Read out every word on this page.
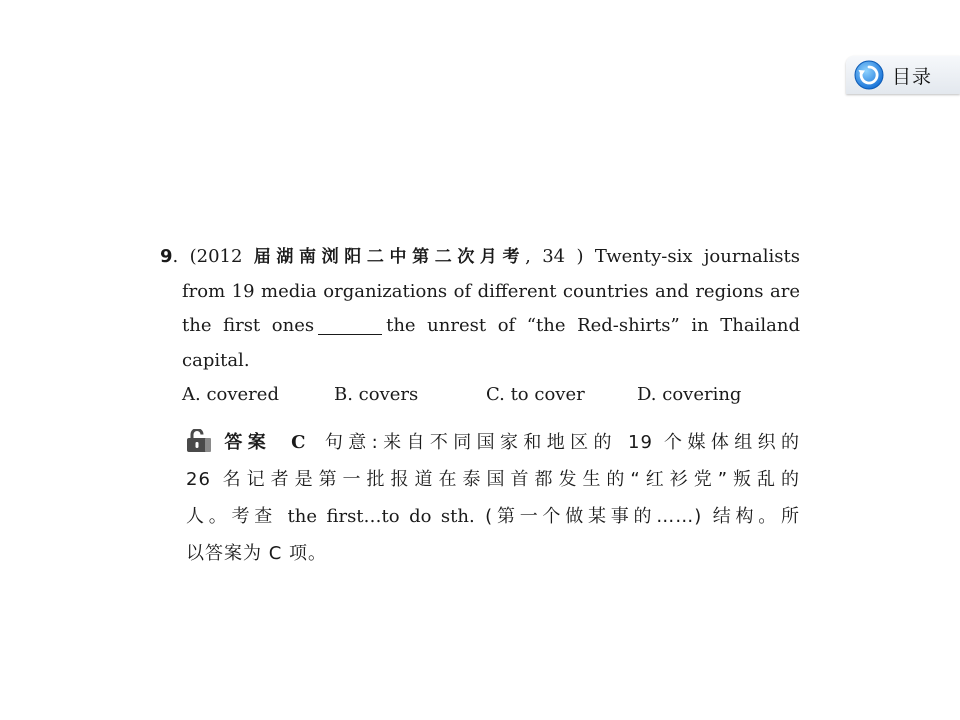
目录
9. (2012 届湖南浏阳二中第二次月考, 34 ) Twenty-six journalists
from 19 media organizations of different countries and regions are
the first ones	the unrest of “the Red-shirts” in Thailand
capital.
A. covered	B. covers	C. to cover	D. covering
答案 C 句意:来自不同国家和地区的 19 个媒体组织的
26 名记者是第一批报道在泰国首都发生的“红衫党”叛乱的
人。考查 the first…to do sth. (第一个做某事的……) 结构。所
以答案为 C 项。
